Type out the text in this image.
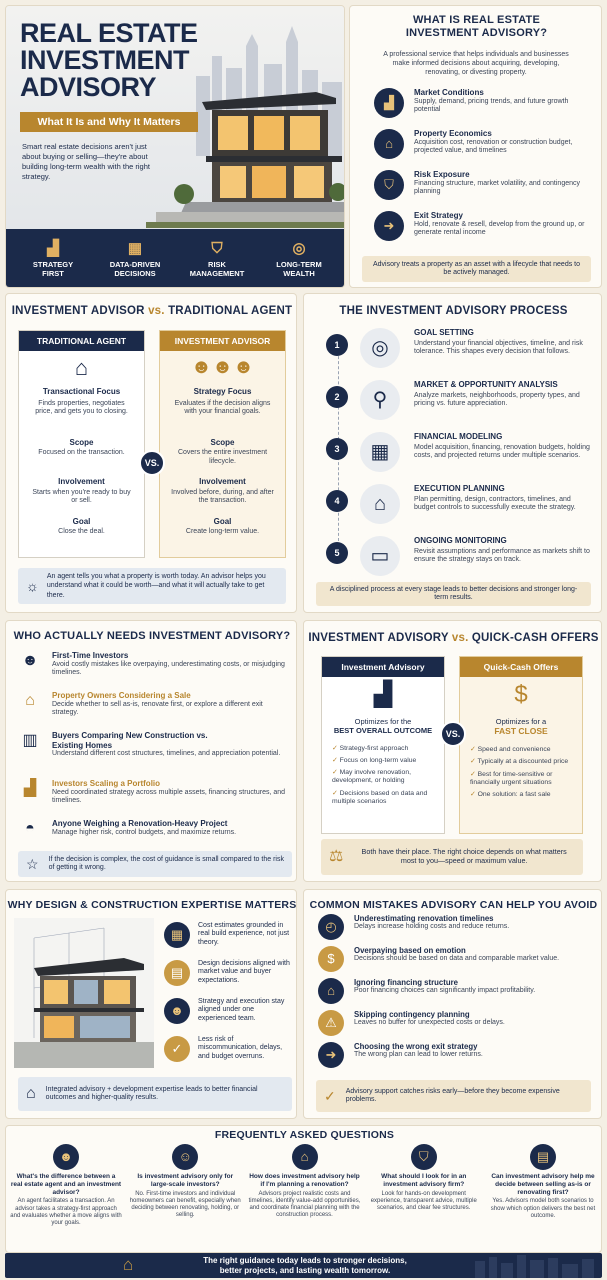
REAL ESTATE
INVESTMENT
ADVISORY
What It Is and Why It Matters
Smart real estate decisions aren't just about buying or selling—they're about building long-term wealth with the right strategy.
▟
STRATEGY
FIRST
▦
DATA-DRIVEN
DECISIONS
⛉
RISK
MANAGEMENT
◎
LONG-TERM
WEALTH
WHAT IS REAL ESTATE
INVESTMENT ADVISORY?
A professional service that helps individuals and businesses make informed decisions about acquiring, developing, renovating, or divesting property.
▟
Market Conditions
Supply, demand, pricing trends, and future growth potential
⌂
Property Economics
Acquisition cost, renovation or construction budget, projected value, and timelines
⛉
Risk Exposure
Financing structure, market volatility, and contingency planning
➜
Exit Strategy
Hold, renovate & resell, develop from the ground up, or generate rental income
Advisory treats a property as an asset with a lifecycle that needs to be actively managed.
INVESTMENT ADVISOR vs. TRADITIONAL AGENT
TRADITIONAL AGENT
⌂
Transactional Focus
Finds properties, negotiates price, and gets you to closing.
Scope
Focused on the transaction.
Involvement
Starts when you're ready to buy or sell.
Goal
Close the deal.
INVESTMENT ADVISOR
☻☻☻
Strategy Focus
Evaluates if the decision aligns with your financial goals.
Scope
Covers the entire investment lifecycle.
Involvement
Involved before, during, and after the transaction.
Goal
Create long-term value.
VS.
☼
An agent tells you what a property is worth today. An advisor helps you understand what it could be worth—and what it will actually take to get there.
THE INVESTMENT ADVISORY PROCESS
1	◎
GOAL SETTING
Understand your financial objectives, timeline, and risk tolerance. This shapes every decision that follows.
2	⚲
MARKET & OPPORTUNITY ANALYSIS
Analyze markets, neighborhoods, property types, and pricing vs. future appreciation.
3	▦
FINANCIAL MODELING
Model acquisition, financing, renovation budgets, holding costs, and projected returns under multiple scenarios.
4	⌂
EXECUTION PLANNING
Plan permitting, design, contractors, timelines, and budget controls to successfully execute the strategy.
5	▭
ONGOING MONITORING
Revisit assumptions and performance as markets shift to ensure the strategy stays on track.
A disciplined process at every stage leads to better decisions and stronger long-term results.
WHO ACTUALLY NEEDS INVESTMENT ADVISORY?
☻	First-Time Investors
Avoid costly mistakes like overpaying, underestimating costs, or misjudging timelines.
⌂	Property Owners Considering a Sale
Decide whether to sell as-is, renovate first, or explore a different exit strategy.
▥	Buyers Comparing New Construction vs. Existing Homes
Understand different cost structures, timelines, and appreciation potential.
▟	Investors Scaling a Portfolio
Need coordinated strategy across multiple assets, financing structures, and timelines.
◓	Anyone Weighing a Renovation-Heavy Project
Manage higher risk, control budgets, and maximize returns.
☆ If the decision is complex, the cost of guidance is small compared to the risk of getting it wrong.
INVESTMENT ADVISORY vs. QUICK-CASH OFFERS
Investment Advisory
▟
Optimizes for the
BEST OVERALL OUTCOME
✓ Strategy-first approach
✓ Focus on long-term value
✓ May involve renovation, development, or holding
✓ Decisions based on data and multiple scenarios
Quick-Cash Offers
$
Optimizes for a
FAST CLOSE
✓ Speed and convenience
✓ Typically at a discounted price
✓ Best for time-sensitive or financially urgent situations
✓ One solution: a fast sale
VS.
⚖	Both have their place. The right choice depends on what matters most to you—speed or maximum value.
WHY DESIGN & CONSTRUCTION EXPERTISE MATTERS
▦
Cost estimates grounded in real build experience, not just theory.
▤
Design decisions aligned with market value and buyer expectations.
☻
Strategy and execution stay aligned under one experienced team.
✓
Less risk of miscommunication, delays, and budget overruns.
⌂ Integrated advisory + development expertise leads to better financial outcomes and higher-quality results.
COMMON MISTAKES ADVISORY CAN HELP YOU AVOID
◴
Underestimating renovation timelines
Delays increase holding costs and reduce returns.
$
Overpaying based on emotion
Decisions should be based on data and comparable market value.
⌂
Ignoring financing structure
Poor financing choices can significantly impact profitability.
⚠
Skipping contingency planning
Leaves no buffer for unexpected costs or delays.
➜
Choosing the wrong exit strategy
The wrong plan can lead to lower returns.
✓ Advisory support catches risks early—before they become expensive problems.
FREQUENTLY ASKED QUESTIONS
☻
What's the difference between a real estate agent and an investment advisor?
An agent facilitates a transaction. An advisor takes a strategy-first approach and evaluates whether a move aligns with your goals.
☺
Is investment advisory only for large-scale investors?
No. First-time investors and individual homeowners can benefit, especially when deciding between renovating, holding, or selling.
⌂
How does investment advisory help if I'm planning a renovation?
Advisors project realistic costs and timelines, identify value-add opportunities, and coordinate financial planning with the construction process.
⛉
What should I look for in an investment advisory firm?
Look for hands-on development experience, transparent advice, multiple scenarios, and clear fee structures.
▤
Can investment advisory help me decide between selling as-is or renovating first?
Yes. Advisors model both scenarios to show which option delivers the best net outcome.
⌂	The right guidance today leads to stronger decisions,
better projects, and lasting wealth tomorrow.
